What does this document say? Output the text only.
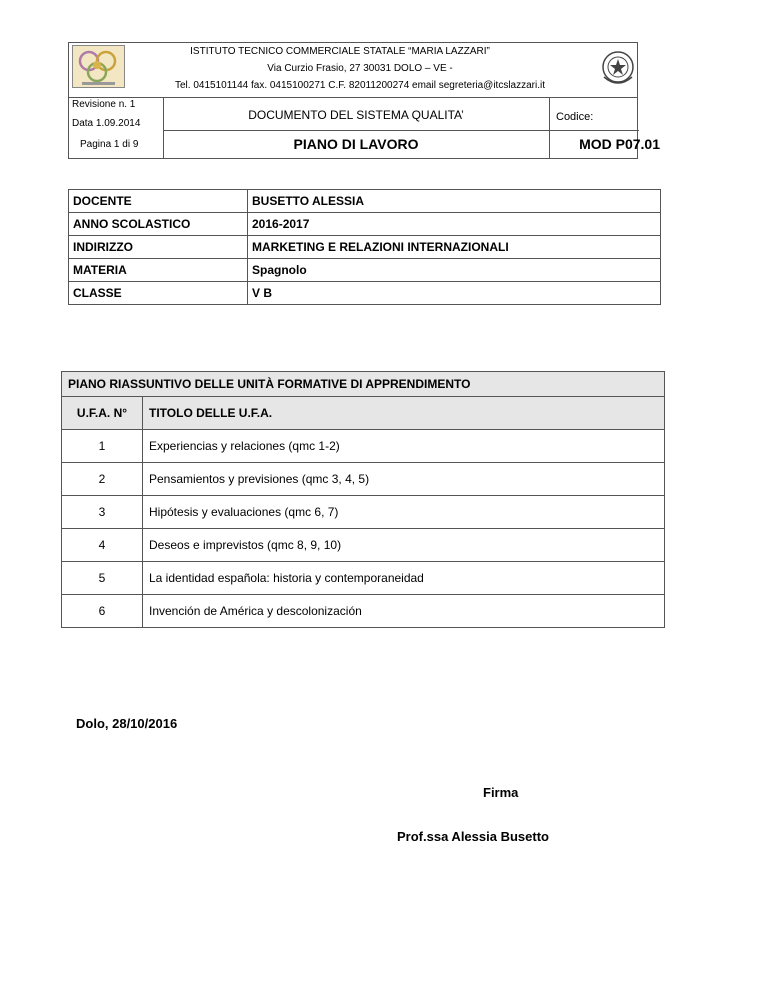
ISTITUTO TECNICO COMMERCIALE STATALE “MARIA LAZZARI”
Via Curzio Frasio, 27 30031 DOLO – VE -
Tel. 0415101144 fax. 0415100271 C.F. 82011200274 email segreteria@itcslazzari.it
Revisione n. 1
Data 1.09.2014
Pagina 1 di 9
DOCUMENTO DEL SISTEMA QUALITA’
PIANO DI LAVORO
Codice:
MOD P07.01
DOCENTE	BUSETTO ALESSIA
ANNO SCOLASTICO	2016-2017
INDIRIZZO	MARKETING E RELAZIONI INTERNAZIONALI
MATERIA	Spagnolo
CLASSE	V B
PIANO RIASSUNTIVO DELLE UNITÀ FORMATIVE DI APPRENDIMENTO	
U.F.A. N°	TITOLO DELLE U.F.A.
1	Experiencias y relaciones (qmc 1-2)
2	Pensamientos y previsiones (qmc 3, 4, 5)
3	Hipótesis y evaluaciones (qmc 6, 7)
4	Deseos e imprevistos (qmc 8, 9, 10)
5	La identidad española: historia y contemporaneidad
6	Invención de América y descolonización
Dolo, 28/10/2016
Firma
Prof.ssa Alessia Busetto
